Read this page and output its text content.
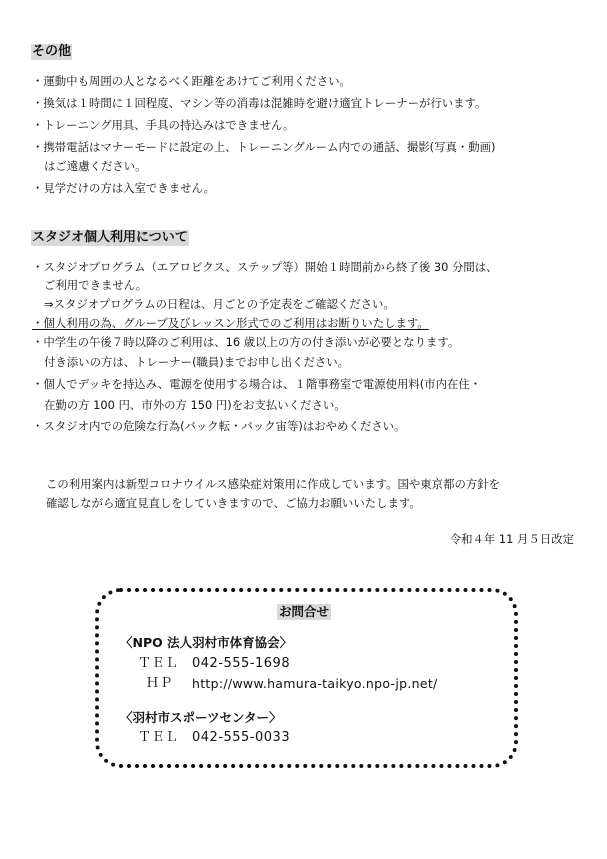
その他
・運動中も周囲の人となるべく距離をあけてご利用ください。
・換気は１時間に１回程度、マシン等の消毒は混雑時を避け適宜トレーナーが行います。
・トレーニング用具、手具の持込みはできません。
・携帯電話はマナーモードに設定の上、トレーニングルーム内での通話、撮影(写真・動画)
はご遠慮ください。
・見学だけの方は入室できません。
スタジオ個人利用について
・スタジオプログラム（エアロビクス、ステップ等）開始１時間前から終了後 30 分間は、
ご利用できません。
⇒スタジオプログラムの日程は、月ごとの予定表をご確認ください。
・個人利用の為、グループ及びレッスン形式でのご利用はお断りいたします。
・中学生の午後７時以降のご利用は、16 歳以上の方の付き添いが必要となります。
付き添いの方は、トレーナー(職員)までお申し出ください。
・個人でデッキを持込み、電源を使用する場合は、１階事務室で電源使用料(市内在住・
在勤の方 100 円、市外の方 150 円)をお支払いください。
・スタジオ内での危険な行為(バック転・バック宙等)はおやめください。
この利用案内は新型コロナウイルス感染症対策用に作成しています。国や東京都の方針を
確認しながら適宜見直しをしていきますので、ご協力お願いいたします。
令和４年 11 月５日改定
お問合せ
〈NPO 法人羽村市体育協会〉
ＴＥＬ 042-555-1698
ＨＰ http://www.hamura-taikyo.npo-jp.net/
〈羽村市スポーツセンター〉
ＴＥＬ 042-555-0033
